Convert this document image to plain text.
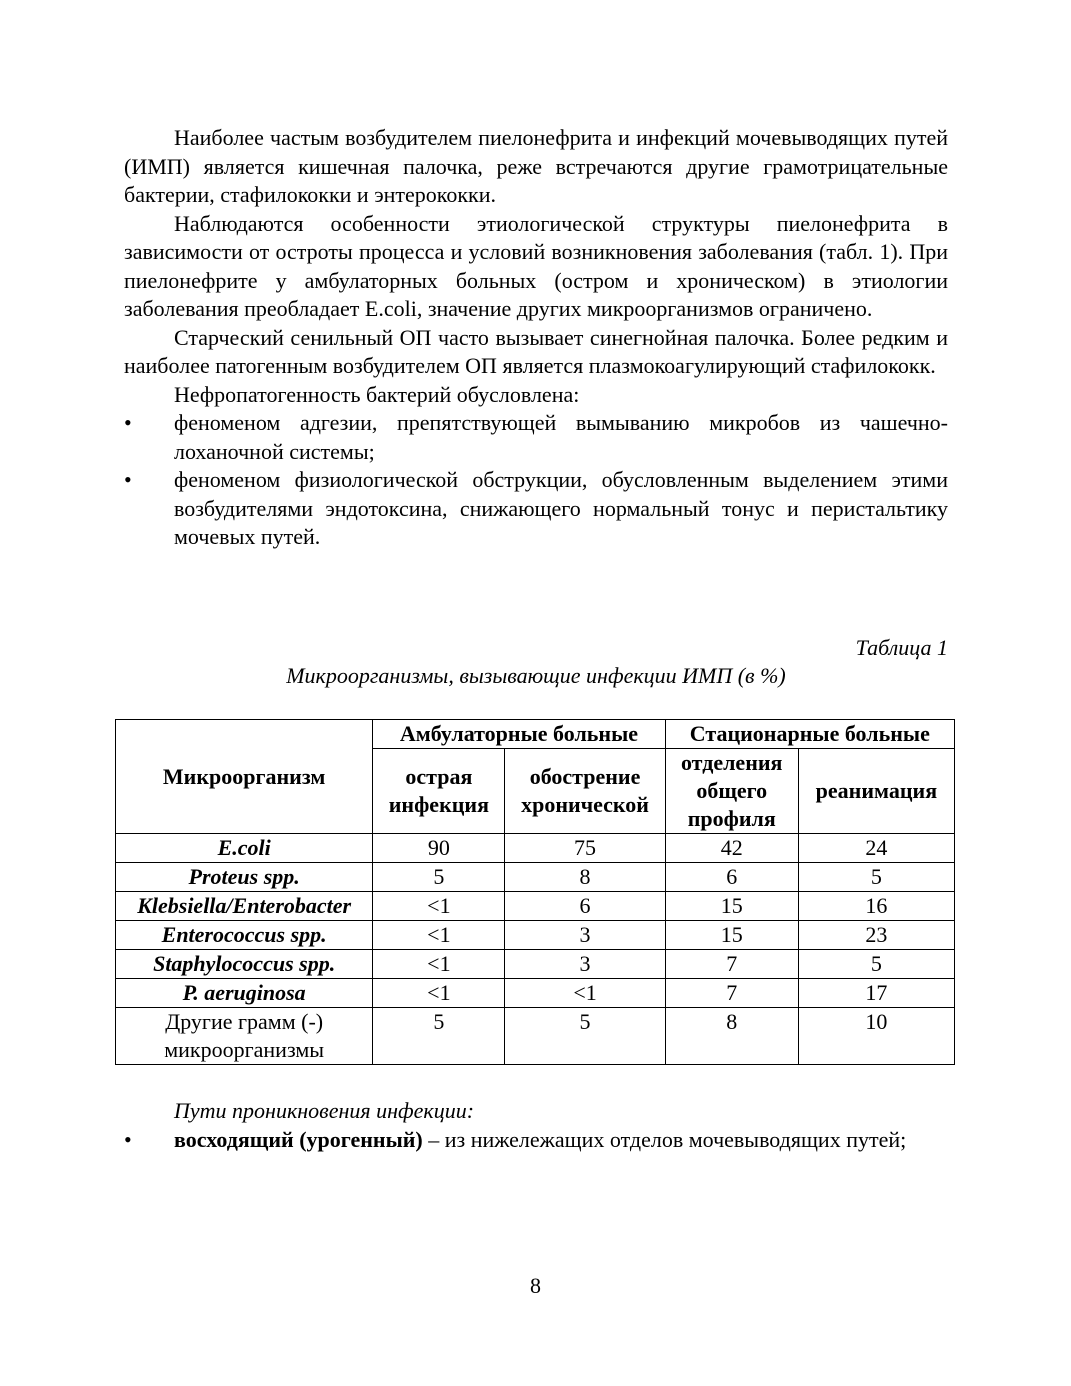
Наиболее частым возбудителем пиелонефрита и инфекций мочевыводящих путей (ИМП) является кишечная палочка, реже встречаются другие грамотрицательные бактерии, стафилококки и энтерококки.

Наблюдаются особенности этиологической структуры пиелонефрита в зависимости от остроты процесса и условий возникновения заболевания (табл. 1). При пиелонефрите у амбулаторных больных (остром и хроническом) в этиологии заболевания преобладает E.coli, значение других микроорганизмов ограничено.

Старческий сенильный ОП часто вызывает синегнойная палочка. Более редким и наиболее патогенным возбудителем ОП является плазмокоагулирующий стафилококк.

Нефропатогенность бактерий обусловлена:

• феноменом адгезии, препятствующей вымыванию микробов из чашечно-лоханочной системы;
• феноменом физиологической обструкции, обусловленным выделением этими возбудителями эндотоксина, снижающего нормальный тонус и перистальтику мочевых путей.
Таблица 1
Микроорганизмы, вызывающие инфекции ИМП (в %)
Микроорганизм	Амбулаторные больные		Стационарные больные	
	острая инфекция	обострение хронической	отделения общего профиля	реанимация
E.coli	90	75	42	24
Proteus spp.	5	8	6	5
Klebsiella/Enterobacter	<1	6	15	16
Enterococcus spp.	<1	3	15	23
Staphylococcus spp.	<1	3	7	5
P. aeruginosa	<1	<1	7	17
Другие грамм (-) микроорганизмы	5	5	8	10

Пути проникновения инфекции:

• восходящий (урогенный) – из нижележащих отделов мочевыводящих путей;
8
